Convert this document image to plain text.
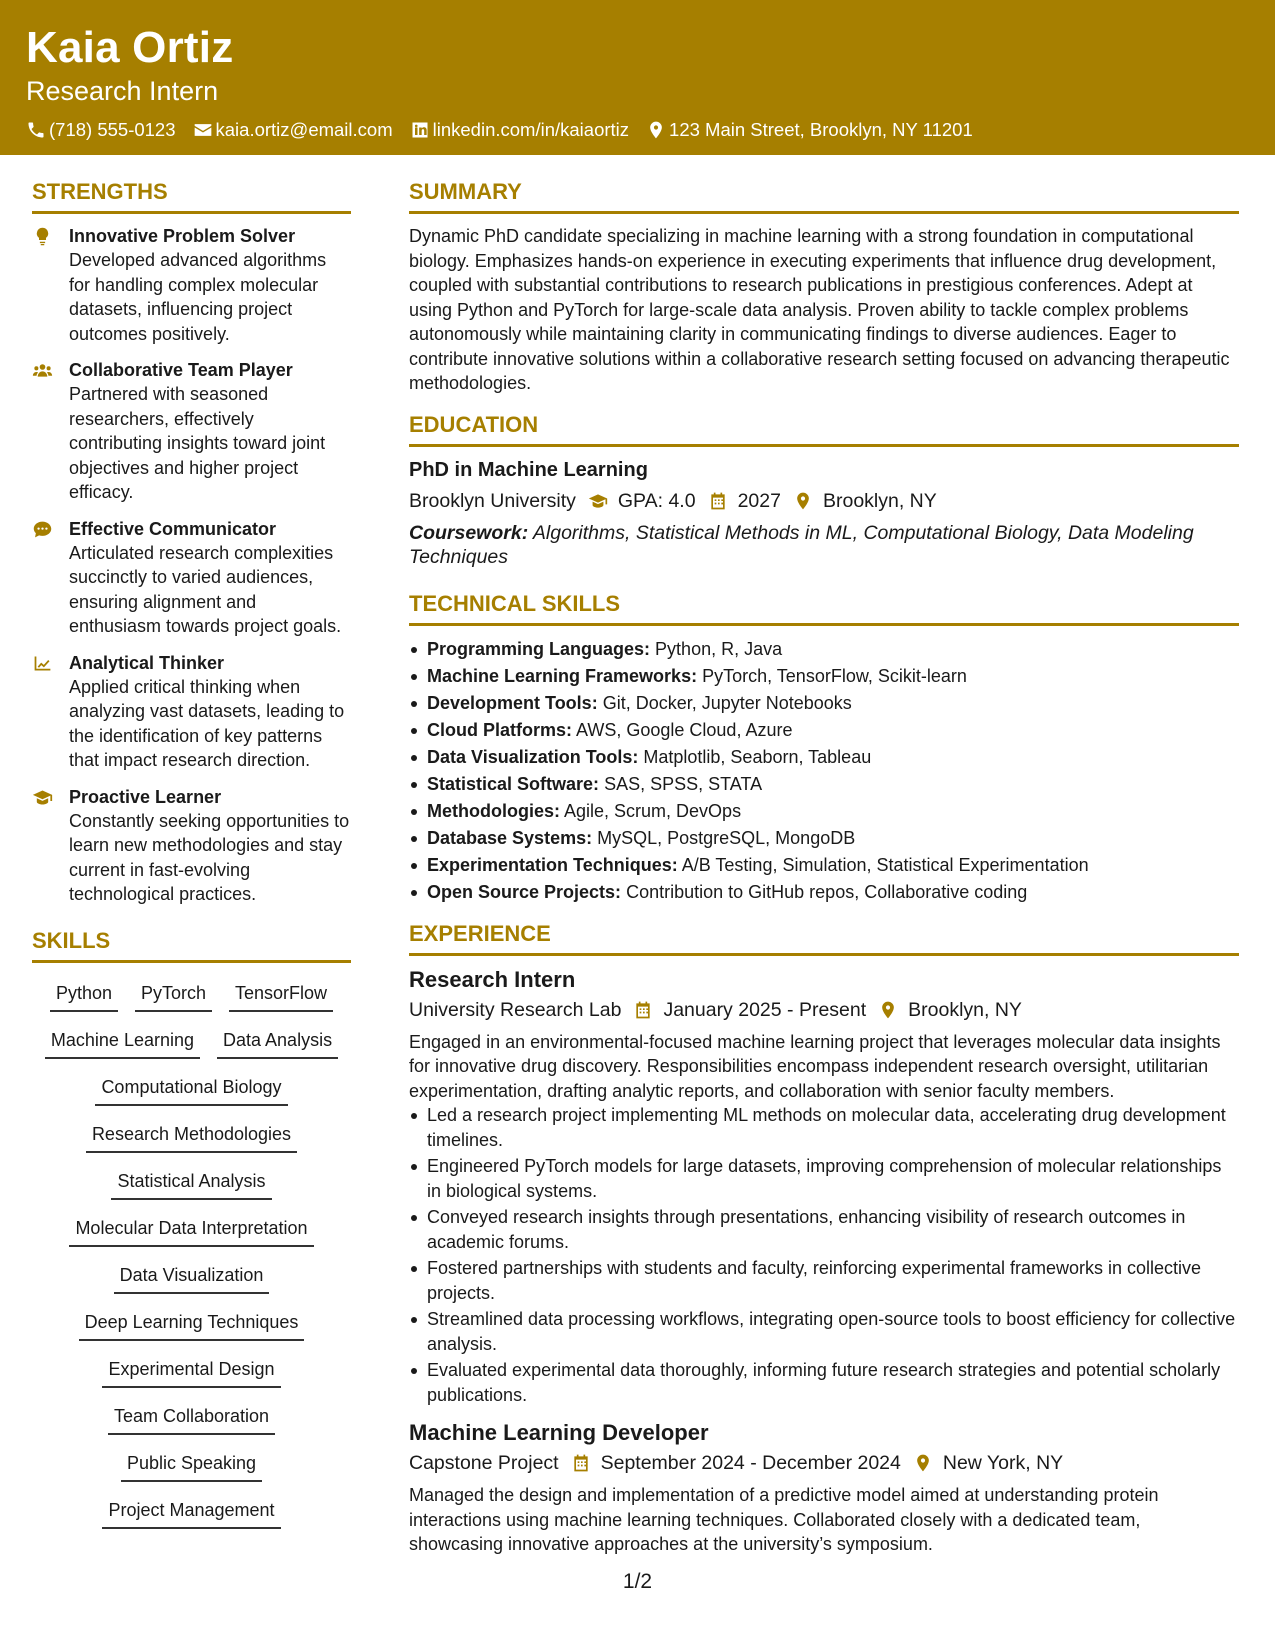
Kaia Ortiz
Research Intern
(718) 555-0123 kaia.ortiz@email.com linkedin.com/in/kaiaortiz 123 Main Street, Brooklyn, NY 11201
STRENGTHS
Innovative Problem Solver
Developed advanced algorithms for handling complex molecular datasets, influencing project outcomes positively.
Collaborative Team Player
Partnered with seasoned researchers, effectively contributing insights toward joint objectives and higher project efficacy.
Effective Communicator
Articulated research complexities succinctly to varied audiences, ensuring alignment and enthusiasm towards project goals.
Analytical Thinker
Applied critical thinking when analyzing vast datasets, leading to the identification of key patterns that impact research direction.
Proactive Learner
Constantly seeking opportunities to learn new methodologies and stay current in fast-evolving technological practices.
SKILLS
Python	PyTorch	TensorFlow
Machine Learning	Data Analysis
Computational Biology
Research Methodologies
Statistical Analysis
Molecular Data Interpretation
Data Visualization
Deep Learning Techniques
Experimental Design
Team Collaboration
Public Speaking
Project Management
SUMMARY
Dynamic PhD candidate specializing in machine learning with a strong foundation in computational biology. Emphasizes hands-on experience in executing experiments that influence drug development, coupled with substantial contributions to research publications in prestigious conferences. Adept at using Python and PyTorch for large-scale data analysis. Proven ability to tackle complex problems autonomously while maintaining clarity in communicating findings to diverse audiences. Eager to contribute innovative solutions within a collaborative research setting focused on advancing therapeutic methodologies.
EDUCATION
PhD in Machine Learning
Brooklyn University GPA: 4.0 2027 Brooklyn, NY
Coursework: Algorithms, Statistical Methods in ML, Computational Biology, Data Modeling Techniques
TECHNICAL SKILLS
Programming Languages: Python, R, Java
Machine Learning Frameworks: PyTorch, TensorFlow, Scikit-learn
Development Tools: Git, Docker, Jupyter Notebooks
Cloud Platforms: AWS, Google Cloud, Azure
Data Visualization Tools: Matplotlib, Seaborn, Tableau
Statistical Software: SAS, SPSS, STATA
Methodologies: Agile, Scrum, DevOps
Database Systems: MySQL, PostgreSQL, MongoDB
Experimentation Techniques: A/B Testing, Simulation, Statistical Experimentation
Open Source Projects: Contribution to GitHub repos, Collaborative coding
EXPERIENCE
Research Intern
University Research Lab January 2025 - Present Brooklyn, NY
Engaged in an environmental-focused machine learning project that leverages molecular data insights for innovative drug discovery. Responsibilities encompass independent research oversight, utilitarian experimentation, drafting analytic reports, and collaboration with senior faculty members.
Led a research project implementing ML methods on molecular data, accelerating drug development timelines.
Engineered PyTorch models for large datasets, improving comprehension of molecular relationships in biological systems.
Conveyed research insights through presentations, enhancing visibility of research outcomes in academic forums.
Fostered partnerships with students and faculty, reinforcing experimental frameworks in collective projects.
Streamlined data processing workflows, integrating open-source tools to boost efficiency for collective analysis.
Evaluated experimental data thoroughly, informing future research strategies and potential scholarly publications.
Machine Learning Developer
Capstone Project September 2024 - December 2024 New York, NY
Managed the design and implementation of a predictive model aimed at understanding protein interactions using machine learning techniques. Collaborated closely with a dedicated team, showcasing innovative approaches at the university’s symposium.
1/2
